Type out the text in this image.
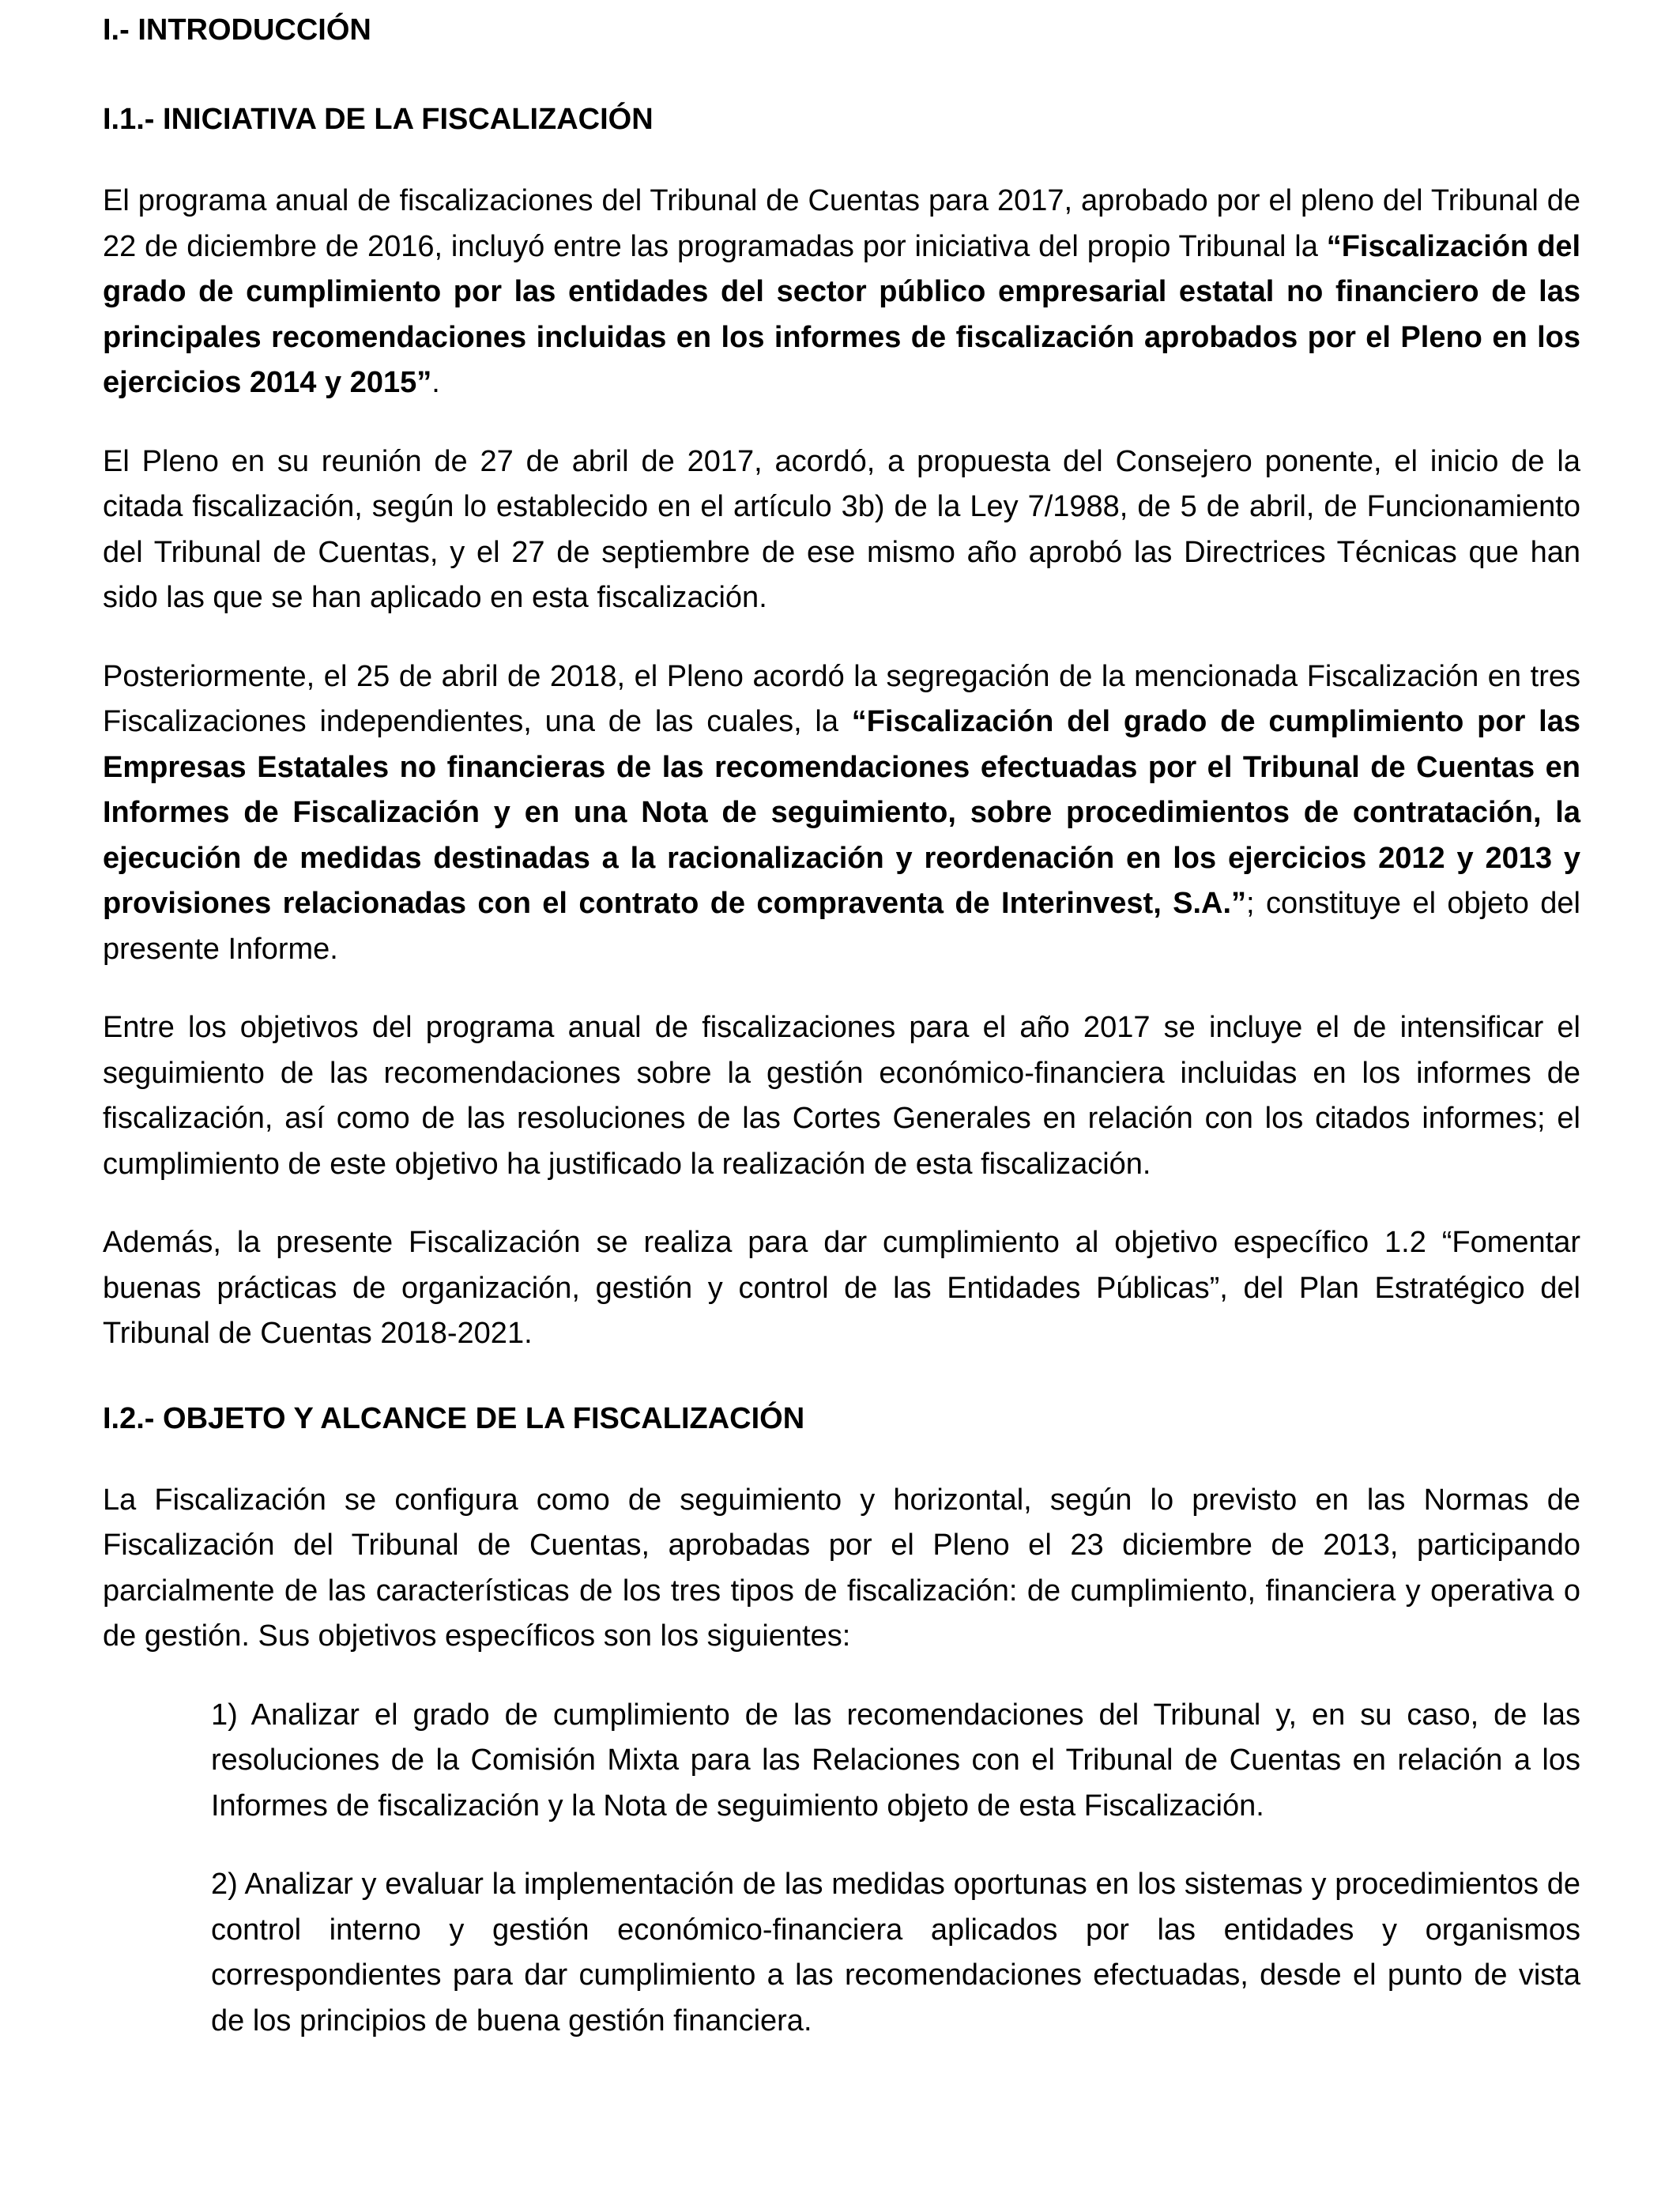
I.- INTRODUCCIÓN
I.1.- INICIATIVA DE LA FISCALIZACIÓN

El programa anual de fiscalizaciones del Tribunal de Cuentas para 2017, aprobado por el pleno del Tribunal de 22 de diciembre de 2016, incluyó entre las programadas por iniciativa del propio Tribunal la “Fiscalización del grado de cumplimiento por las entidades del sector público empresarial estatal no financiero de las principales recomendaciones incluidas en los informes de fiscalización aprobados por el Pleno en los ejercicios 2014 y 2015”.

El Pleno en su reunión de 27 de abril de 2017, acordó, a propuesta del Consejero ponente, el inicio de la citada fiscalización, según lo establecido en el artículo 3b) de la Ley 7/1988, de 5 de abril, de Funcionamiento del Tribunal de Cuentas, y el 27 de septiembre de ese mismo año aprobó las Directrices Técnicas que han sido las que se han aplicado en esta fiscalización.

Posteriormente, el 25 de abril de 2018, el Pleno acordó la segregación de la mencionada Fiscalización en tres Fiscalizaciones independientes, una de las cuales, la “Fiscalización del grado de cumplimiento por las Empresas Estatales no financieras de las recomendaciones efectuadas por el Tribunal de Cuentas en Informes de Fiscalización y en una Nota de seguimiento, sobre procedimientos de contratación, la ejecución de medidas destinadas a la racionalización y reordenación en los ejercicios 2012 y 2013 y provisiones relacionadas con el contrato de compraventa de Interinvest, S.A.”; constituye el objeto del presente Informe.

Entre los objetivos del programa anual de fiscalizaciones para el año 2017 se incluye el de intensificar el seguimiento de las recomendaciones sobre la gestión económico-financiera incluidas en los informes de fiscalización, así como de las resoluciones de las Cortes Generales en relación con los citados informes; el cumplimiento de este objetivo ha justificado la realización de esta fiscalización.

Además, la presente Fiscalización se realiza para dar cumplimiento al objetivo específico 1.2 “Fomentar buenas prácticas de organización, gestión y control de las Entidades Públicas”, del Plan Estratégico del Tribunal de Cuentas 2018-2021.

I.2.- OBJETO Y ALCANCE DE LA FISCALIZACIÓN

La Fiscalización se configura como de seguimiento y horizontal, según lo previsto en las Normas de Fiscalización del Tribunal de Cuentas, aprobadas por el Pleno el 23 diciembre de 2013, participando parcialmente de las características de los tres tipos de fiscalización: de cumplimiento, financiera y operativa o de gestión. Sus objetivos específicos son los siguientes:

1) Analizar el grado de cumplimiento de las recomendaciones del Tribunal y, en su caso, de las resoluciones de la Comisión Mixta para las Relaciones con el Tribunal de Cuentas en relación a los Informes de fiscalización y la Nota de seguimiento objeto de esta Fiscalización.

2) Analizar y evaluar la implementación de las medidas oportunas en los sistemas y procedimientos de control interno y gestión económico-financiera aplicados por las entidades y organismos correspondientes para dar cumplimiento a las recomendaciones efectuadas, desde el punto de vista de los principios de buena gestión financiera.
